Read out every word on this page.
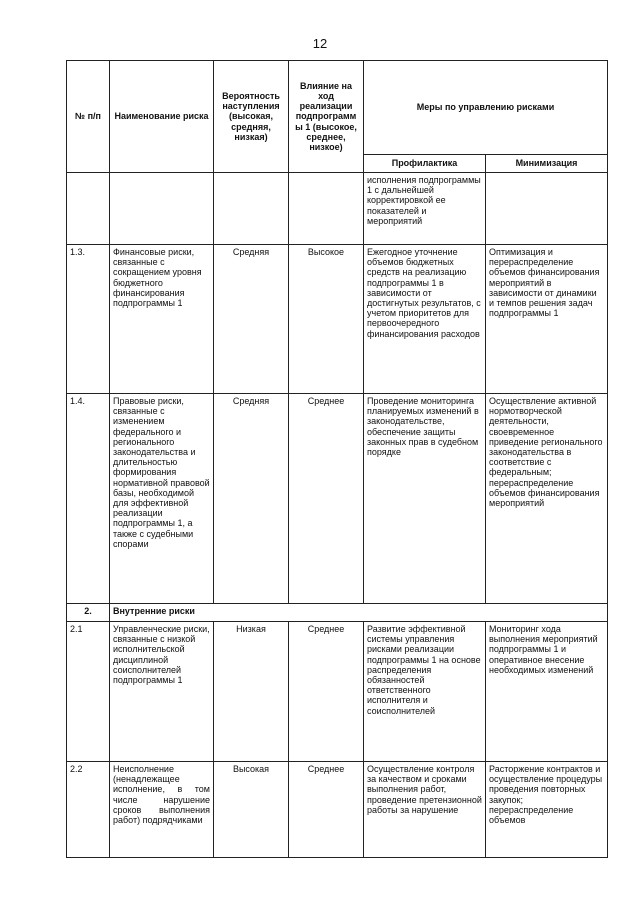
12
№ п/п	Наименование риска	Вероятность наступления (высокая, средняя, низкая)	Влияние на ход реализации подпрограммы 1 (высокое, среднее, низкое)	Меры по управлению рисками	
				Профилактика	Минимизация
				исполнения подпрограммы 1 с дальнейшей корректировкой ее показателей и мероприятий	
1.3.	Финансовые риски, связанные с сокращением уровня бюджетного финансирования подпрограммы 1	Средняя	Высокое	Ежегодное уточнение объемов бюджетных средств на реализацию подпрограммы 1 в зависимости от достигнутых результатов, с учетом приоритетов для первоочередного финансирования расходов	Оптимизация и перераспределение объемов финансирования мероприятий в зависимости от динамики и темпов решения задач подпрограммы 1
1.4.	Правовые риски, связанные с изменением федерального и регионального законодательства и длительностью формирования нормативной правовой базы, необходимой для эффективной реализации подпрограммы 1, а также с судебными спорами	Средняя	Среднее	Проведение мониторинга планируемых изменений в законодательстве, обеспечение защиты законных прав в судебном порядке	Осуществление активной нормотворческой деятельности, своевременное приведение регионального законодательства в соответствие с федеральным; перераспределение объемов финансирования мероприятий
2.	Внутренние риски				
2.1	Управленческие риски, связанные с низкой исполнительской дисциплиной соисполнителей подпрограммы 1	Низкая	Среднее	Развитие эффективной системы управления рисками реализации подпрограммы 1 на основе распределения обязанностей ответственного исполнителя и соисполнителей	Мониторинг хода выполнения мероприятий подпрограммы 1 и оперативное внесение необходимых изменений
2.2	Неисполнение (ненадлежащее исполнение, в том числе нарушение сроков выполнения работ) подрядчиками	Высокая	Среднее	Осуществление контроля за качеством и сроками выполнения работ, проведение претензионной работы за нарушение	Расторжение контрактов и осуществление процедуры проведения повторных закупок; перераспределение объемов
